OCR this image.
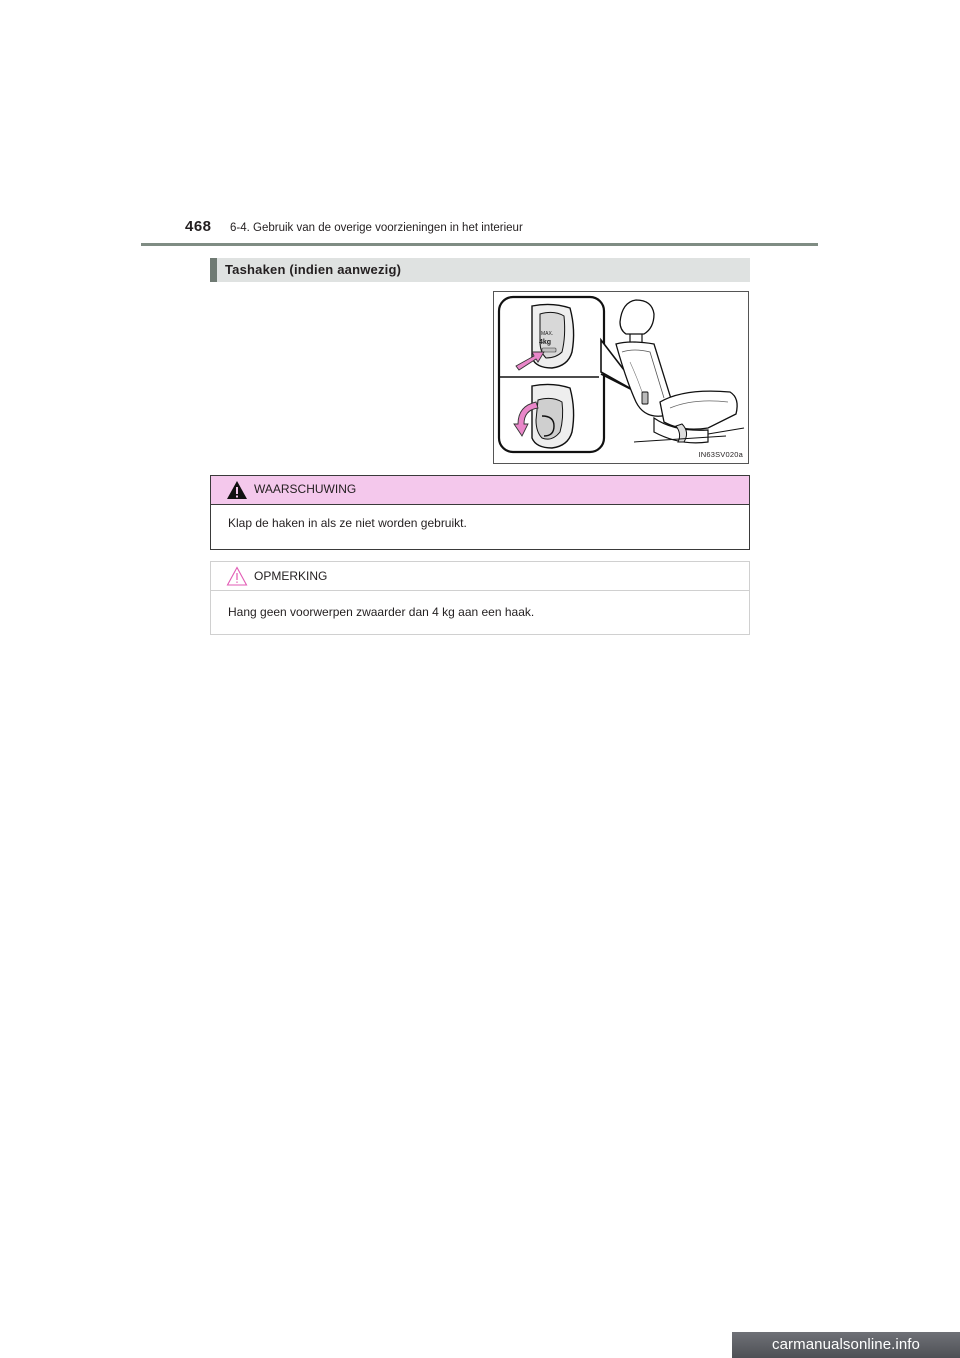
468 6-4. Gebruik van de overige voorzieningen in het interieur
Tashaken (indien aanwezig)
MAX.
4kg
IN63SV020a
WAARSCHUWING
Klap de haken in als ze niet worden gebruikt.
OPMERKING
Hang geen voorwerpen zwaarder dan 4 kg aan een haak.
carmanualsonline.info
